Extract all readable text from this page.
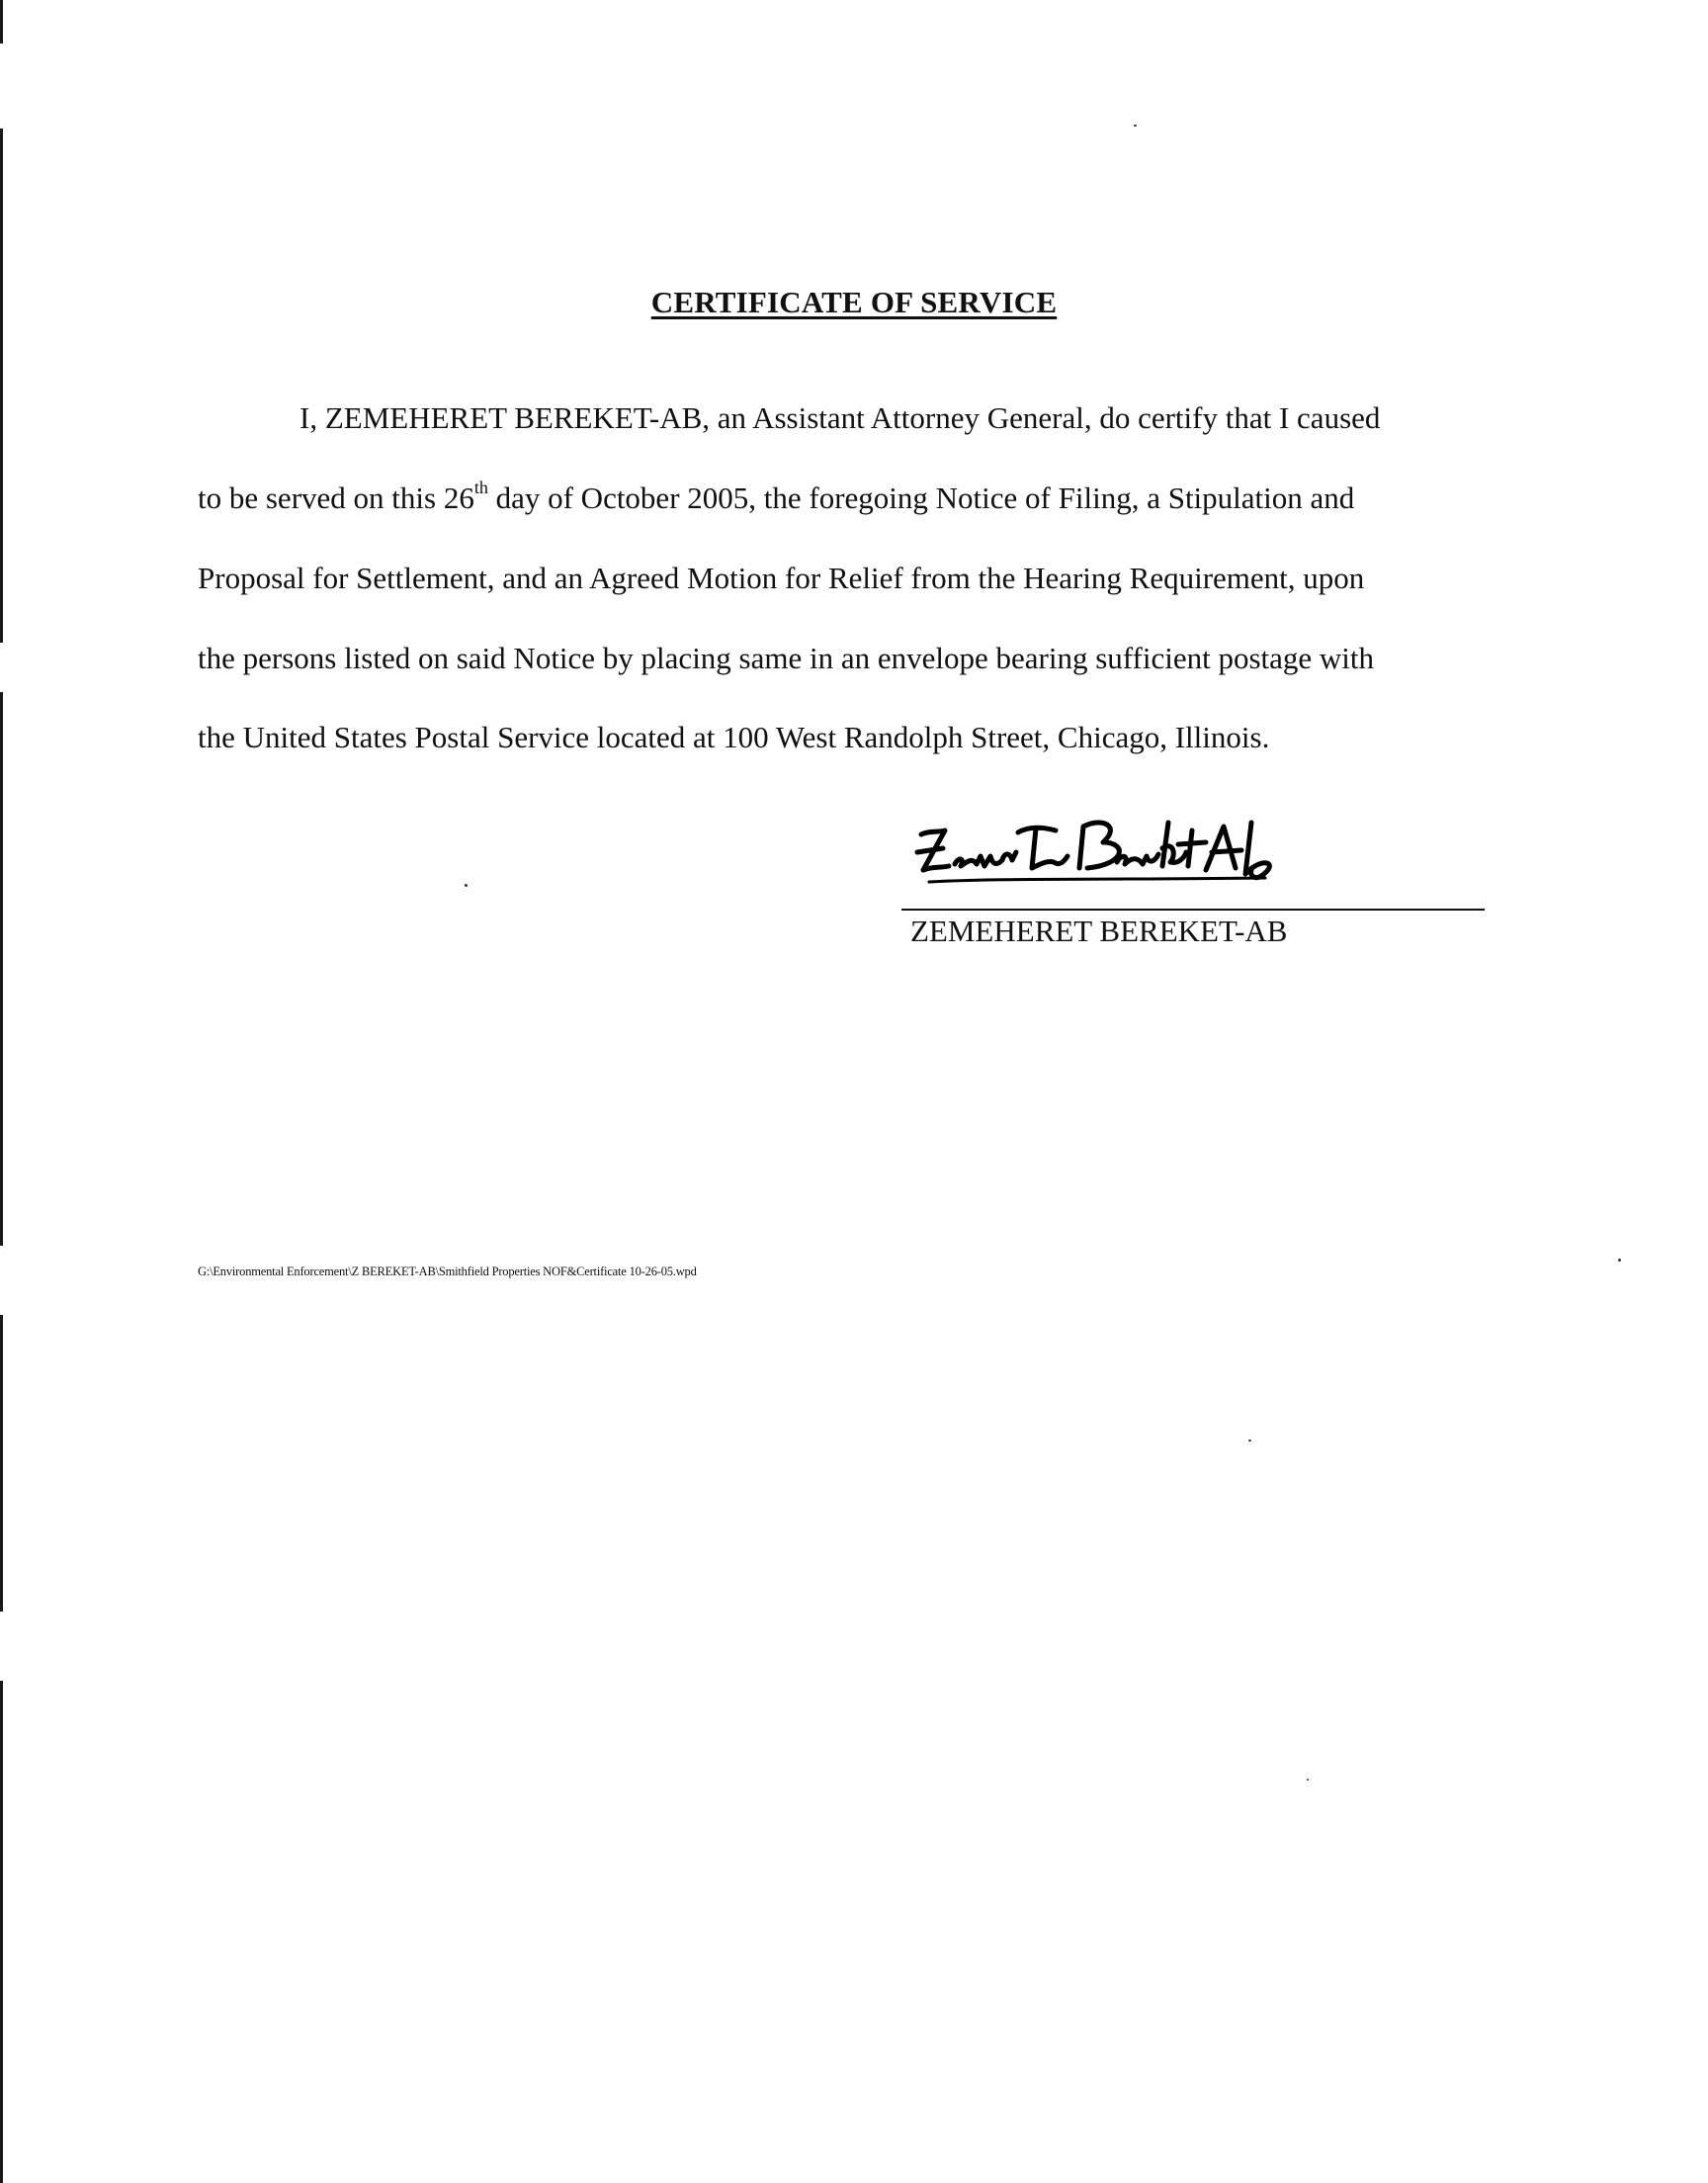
CERTIFICATE OF SERVICE
I, ZEMEHERET BEREKET-AB, an Assistant Attorney General, do certify that I caused
to be served on this 26th day of October 2005, the foregoing Notice of Filing, a Stipulation and
Proposal for Settlement, and an Agreed Motion for Relief from the Hearing Requirement, upon
the persons listed on said Notice by placing same in an envelope bearing sufficient postage with
the United States Postal Service located at 100 West Randolph Street, Chicago, Illinois.
ZEMEHERET BEREKET-AB
G:\Environmental Enforcement\Z BEREKET-AB\Smithfield Properties NOF&Certificate 10-26-05.wpd
